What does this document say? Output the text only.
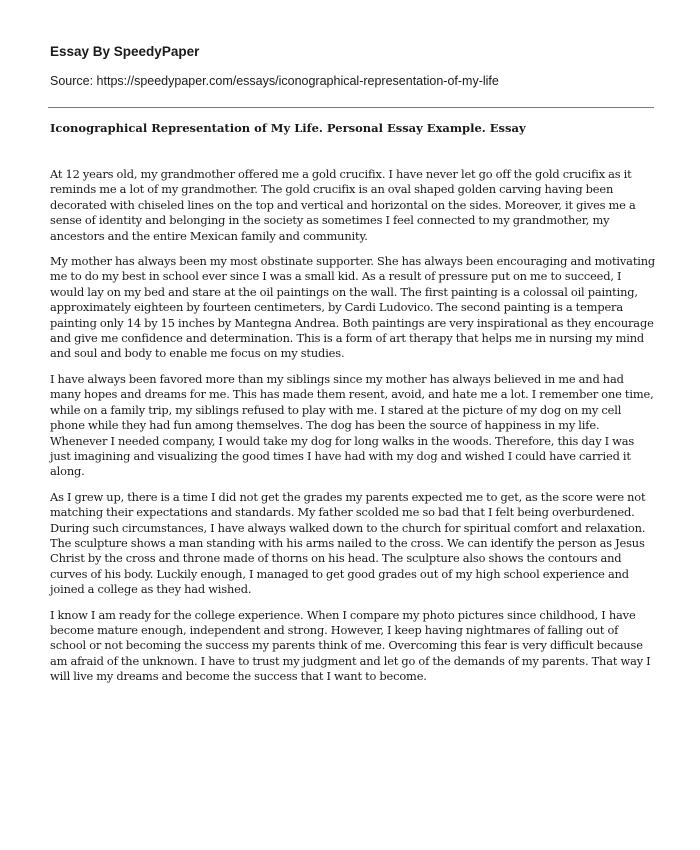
Essay By SpeedyPaper
Source: https://speedypaper.com/essays/iconographical-representation-of-my-life
Iconographical Representation of My Life. Personal Essay Example. Essay

At 12 years old, my grandmother offered me a gold crucifix. I have never let go off the gold crucifix as it reminds me a lot of my grandmother. The gold crucifix is an oval shaped golden carving having been decorated with chiseled lines on the top and vertical and horizontal on the sides. Moreover, it gives me a sense of identity and belonging in the society as sometimes I feel connected to my grandmother, my ancestors and the entire Mexican family and community.

My mother has always been my most obstinate supporter. She has always been encouraging and motivating me to do my best in school ever since I was a small kid. As a result of pressure put on me to succeed, I would lay on my bed and stare at the oil paintings on the wall. The first painting is a colossal oil painting, approximately eighteen by fourteen centimeters, by Cardi Ludovico. The second painting is a tempera painting only 14 by 15 inches by Mantegna Andrea. Both paintings are very inspirational as they encourage and give me confidence and determination. This is a form of art therapy that helps me in nursing my mind and soul and body to enable me focus on my studies.

I have always been favored more than my siblings since my mother has always believed in me and had many hopes and dreams for me. This has made them resent, avoid, and hate me a lot. I remember one time, while on a family trip, my siblings refused to play with me. I stared at the picture of my dog on my cell phone while they had fun among themselves. The dog has been the source of happiness in my life. Whenever I needed company, I would take my dog for long walks in the woods. Therefore, this day I was just imagining and visualizing the good times I have had with my dog and wished I could have carried it along.

As I grew up, there is a time I did not get the grades my parents expected me to get, as the score were not matching their expectations and standards. My father scolded me so bad that I felt being overburdened. During such circumstances, I have always walked down to the church for spiritual comfort and relaxation. The sculpture shows a man standing with his arms nailed to the cross. We can identify the person as Jesus Christ by the cross and throne made of thorns on his head. The sculpture also shows the contours and curves of his body. Luckily enough, I managed to get good grades out of my high school experience and joined a college as they had wished.

I know I am ready for the college experience. When I compare my photo pictures since childhood, I have become mature enough, independent and strong. However, I keep having nightmares of falling out of school or not becoming the success my parents think of me. Overcoming this fear is very difficult because am afraid of the unknown. I have to trust my judgment and let go of the demands of my parents. That way I will live my dreams and become the success that I want to become.
